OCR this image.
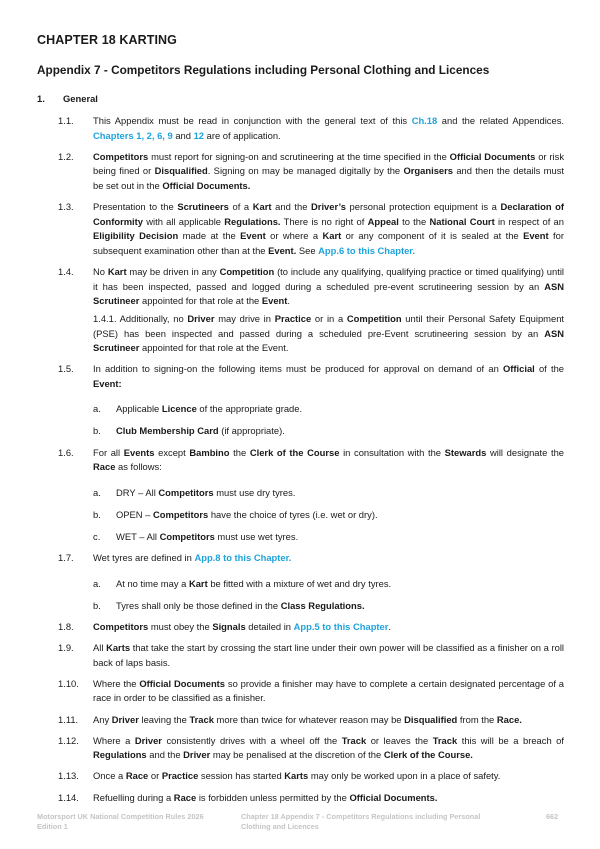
CHAPTER 18 KARTING
Appendix 7 - Competitors Regulations including Personal Clothing and Licences
1. General
1.1.	This Appendix must be read in conjunction with the general text of this Ch.18 and the related Appendices. Chapters 1, 2, 6, 9 and 12 are of application.
1.2.	Competitors must report for signing-on and scrutineering at the time specified in the Official Documents or risk being fined or Disqualified. Signing on may be managed digitally by the Organisers and then the details must be set out in the Official Documents.
1.3.	Presentation to the Scrutineers of a Kart and the Driver’s personal protection equipment is a Declaration of Conformity with all applicable Regulations. There is no right of Appeal to the National Court in respect of an Eligibility Decision made at the Event or where a Kart or any component of it is sealed at the Event for subsequent examination other than at the Event. See App.6 to this Chapter.
1.4.	No Kart may be driven in any Competition (to include any qualifying, qualifying practice or timed qualifying) until it has been inspected, passed and logged during a scheduled pre-event scrutineering session by an ASN Scrutineer appointed for that role at the Event.
1.4.1. Additionally, no Driver may drive in Practice or in a Competition until their Personal Safety Equipment (PSE) has been inspected and passed during a scheduled pre-Event scrutineering session by an ASN Scrutineer appointed for that role at the Event.
1.5.	In addition to signing-on the following items must be produced for approval on demand of an Official of the Event:
a.	Applicable Licence of the appropriate grade.
b.	Club Membership Card (if appropriate).
1.6.	For all Events except Bambino the Clerk of the Course in consultation with the Stewards will designate the Race as follows:
a.	DRY – All Competitors must use dry tyres.
b.	OPEN – Competitors have the choice of tyres (i.e. wet or dry).
c.	WET – All Competitors must use wet tyres.
1.7.	Wet tyres are defined in App.8 to this Chapter.
a.	At no time may a Kart be fitted with a mixture of wet and dry tyres.
b.	Tyres shall only be those defined in the Class Regulations.
1.8.	Competitors must obey the Signals detailed in App.5 to this Chapter.
1.9.	All Karts that take the start by crossing the start line under their own power will be classified as a finisher on a roll back of laps basis.
1.10.	Where the Official Documents so provide a finisher may have to complete a certain designated percentage of a race in order to be classified as a finisher.
1.11.	Any Driver leaving the Track more than twice for whatever reason may be Disqualified from the Race.
1.12.	Where a Driver consistently drives with a wheel off the Track or leaves the Track this will be a breach of Regulations and the Driver may be penalised at the discretion of the Clerk of the Course.
1.13.	Once a Race or Practice session has started Karts may only be worked upon in a place of safety.
1.14.	Refuelling during a Race is forbidden unless permitted by the Official Documents.
Motorsport UK National Competition Rules 2026
Edition 1
Chapter 18 Appendix 7 - Competitors Regulations including Personal
Clothing and Licences
662
